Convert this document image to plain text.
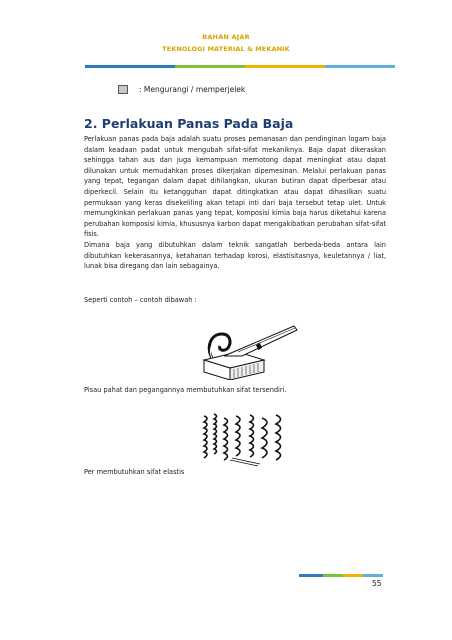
BAHAN AJAR
TEKNOLOGI MATERIAL & MEKANIK
: Mengurangi / memperjelek
2. Perlakuan Panas Pada Baja

Perlakuan panas pada baja adalah suatu proses pemanasan dan pendinginan logam baja dalam keadaan padat untuk mengubah sifat-sifat mekaniknya. Baja dapat dikeraskan sehingga tahan aus dan juga kemampuan memotong dapat meningkat atau dapat dilunakan untuk memudahkan proses dikerjakan dipemesinan. Melalui perlakuan panas yang tepat, tegangan dalam dapat dihilangkan, ukuran butiran dapat diperbesar atau diperkecil. Selain itu ketangguhan dapat ditingkatkan atau dapat dihasilkan suatu permukaan yang keras disekeliling akan tetapi inti dari baja tersebut tetap ulet. Untuk memungkinkan perlakuan panas yang tepat, komposisi kimia baja harus diketahui karena perubahan komposisi kimia, khususnya karbon dapat mengakibatkan perubahan sifat-sifat fisis.

Dimana baja yang dibutuhkan dalam teknik sangatlah berbeda-beda antara lain dibutuhkan kekerasannya, ketahanan terhadap korosi, elastisitasnya, keuletannya / liat, lunak bisa diregang dan lain sebagainya.

Seperti contoh – contoh dibawah :
Pisau pahat dan pegangannya membutuhkan sifat tersendiri.
Per membutuhkan sifat elastis
55
